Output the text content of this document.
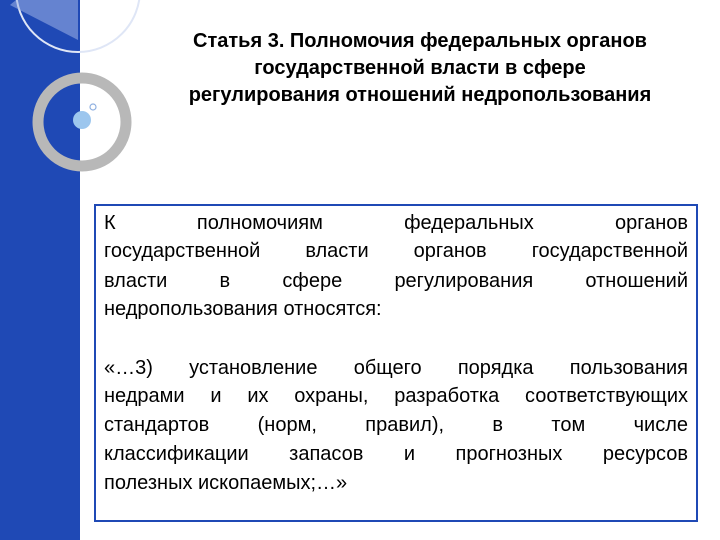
Статья 3. Полномочия федеральных органов
государственной власти в сфере
регулирования отношений недропользования
К полномочиям федеральных органов
государственной власти органов государственной
власти в сфере регулирования отношений
недропользования относятся:
«…3) установление общего порядка пользования
недрами и их охраны, разработка соответствующих
стандартов (норм, правил), в том числе
классификации запасов и прогнозных ресурсов
полезных ископаемых;…»
